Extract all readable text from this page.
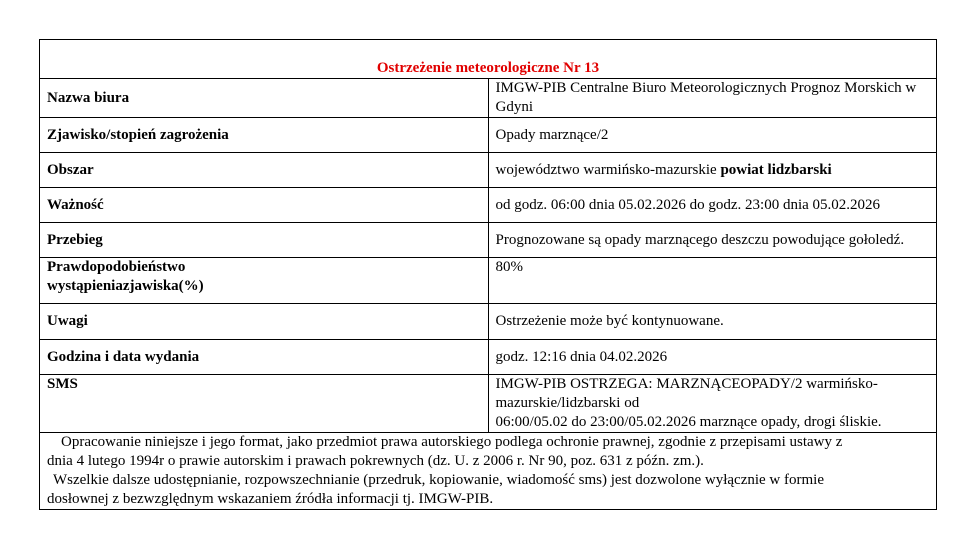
Ostrzeżenie meteorologiczne Nr 13	
Nazwa biura	IMGW-PIB Centralne Biuro Meteorologicznych Prognoz Morskich w Gdyni
Zjawisko/stopień zagrożenia	Opady marznące/2
Obszar	województwo warmińsko-mazurskie powiat lidzbarski
Ważność	od godz. 06:00 dnia 05.02.2026 do godz. 23:00 dnia 05.02.2026
Przebieg	Prognozowane są opady marznącego deszczu powodujące gołoledź.
Prawdopodobieństwo
wystąpieniazjawiska(%)	80%
Uwagi	Ostrzeżenie może być kontynuowane.
Godzina i data wydania	godz. 12:16 dnia 04.02.2026
SMS	IMGW-PIB OSTRZEGA: MARZNĄCEOPADY/2 warmińsko-mazurskie/lidzbarski od
06:00/05.02 do 23:00/05.02.2026 marznące opady, drogi śliskie.
Opracowanie niniejsze i jego format, jako przedmiot prawa autorskiego podlega ochronie prawnej, zgodnie z przepisami ustawy z
dnia 4 lutego 1994r o prawie autorskim i prawach pokrewnych (dz. U. z 2006 r. Nr 90, poz. 631 z późn. zm.).
Wszelkie dalsze udostępnianie, rozpowszechnianie (przedruk, kopiowanie, wiadomość sms) jest dozwolone wyłącznie w formie
dosłownej z bezwzględnym wskazaniem źródła informacji tj. IMGW-PIB.	
